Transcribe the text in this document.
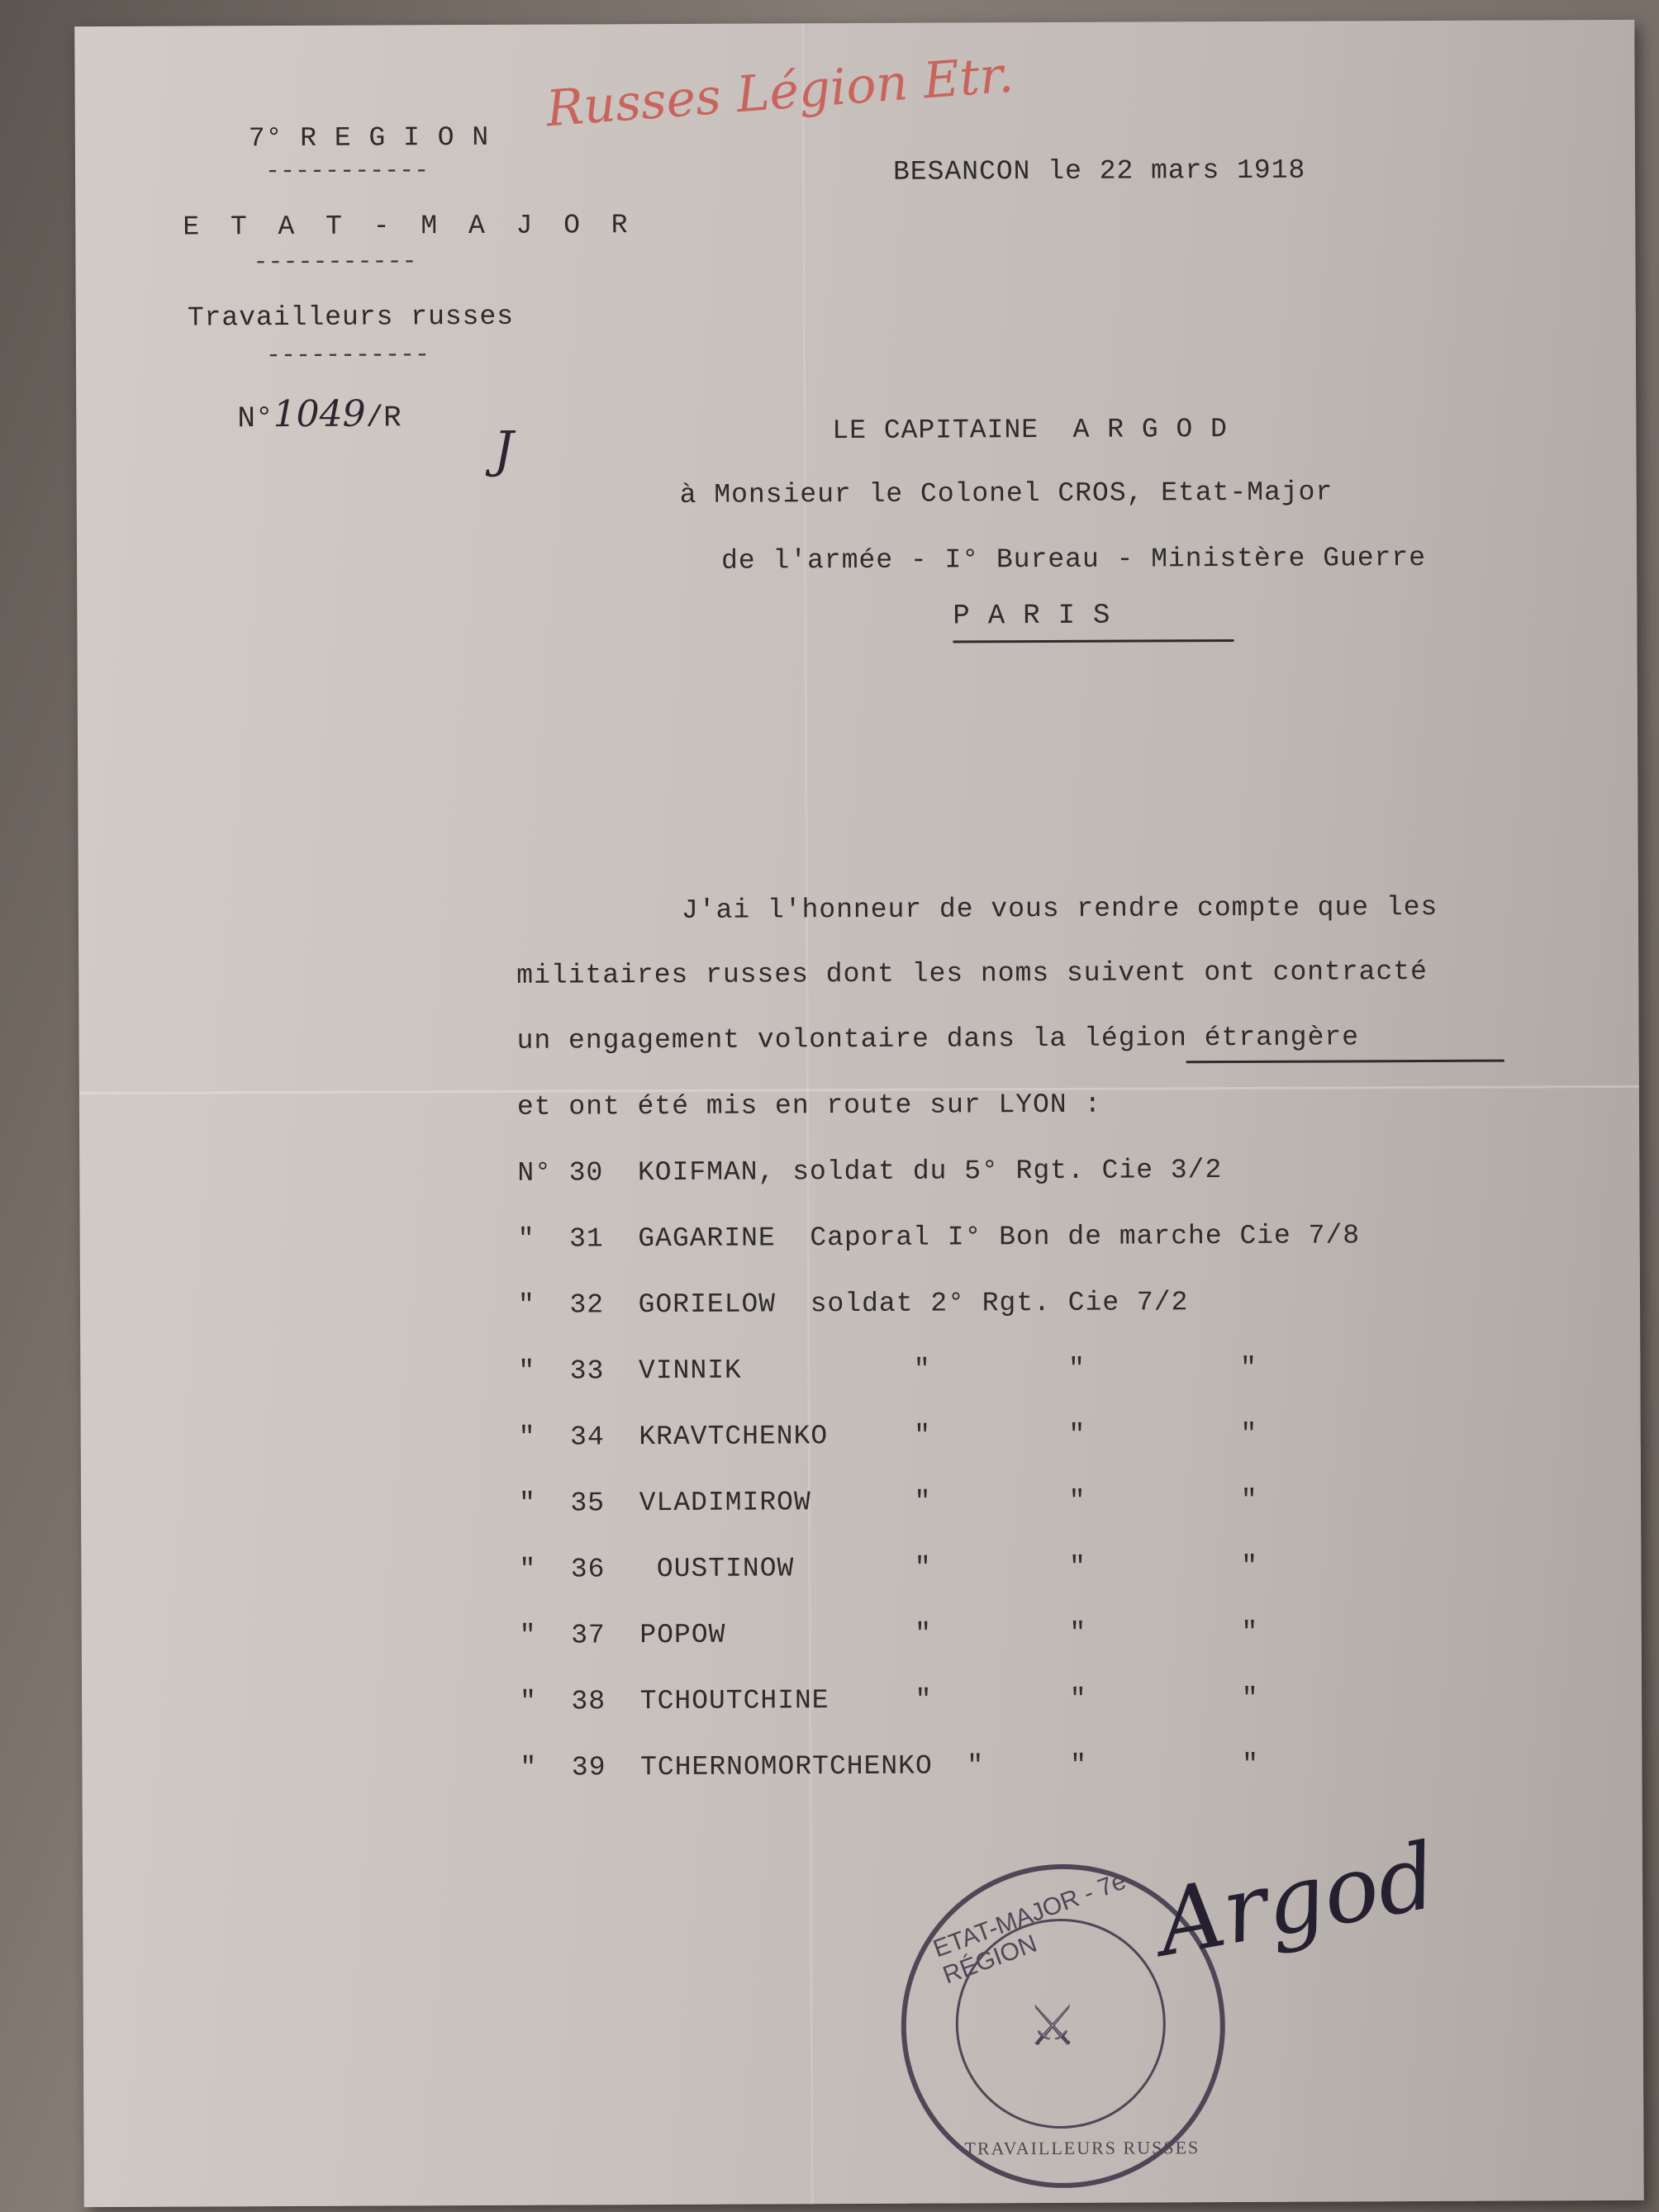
Russes Légion Etr.
7° R E G I O N
-----------
E T A T - M A J O R
-----------
Travailleurs russes
-----------
N°1049/R
J
BESANCON le 22 mars 1918
LE CAPITAINE  A R G O D
à Monsieur le Colonel CROS, Etat-Major
de l'armée - I° Bureau - Ministère Guerre
PARIS
J'ai l'honneur de vous rendre compte que les
militaires russes dont les noms suivent ont contracté
un engagement volontaire dans la légion étrangère
et ont été mis en route sur LYON :
N° 30 KOIFMAN, soldat du 5° Rgt. Cie 3/2
"  31 GAGARINE  Caporal I° Bon de marche Cie 7/8
"  32 GORIELOW  soldat 2° Rgt. Cie 7/2
"  33 VINNIK          "        "         "
"  34 KRAVTCHENKO     "        "         "
"  35 VLADIMIROW      "        "         "
"  36   OUSTINOW       "        "         "
"  37 POPOW           "        "         "
"  38 TCHOUTCHINE     "        "         "
"  39 TCHERNOMORTCHENKO  "     "         "
⚔
ETAT-MAJOR - 7e RÉGION
TRAVAILLEURS RUSSES
Argod
